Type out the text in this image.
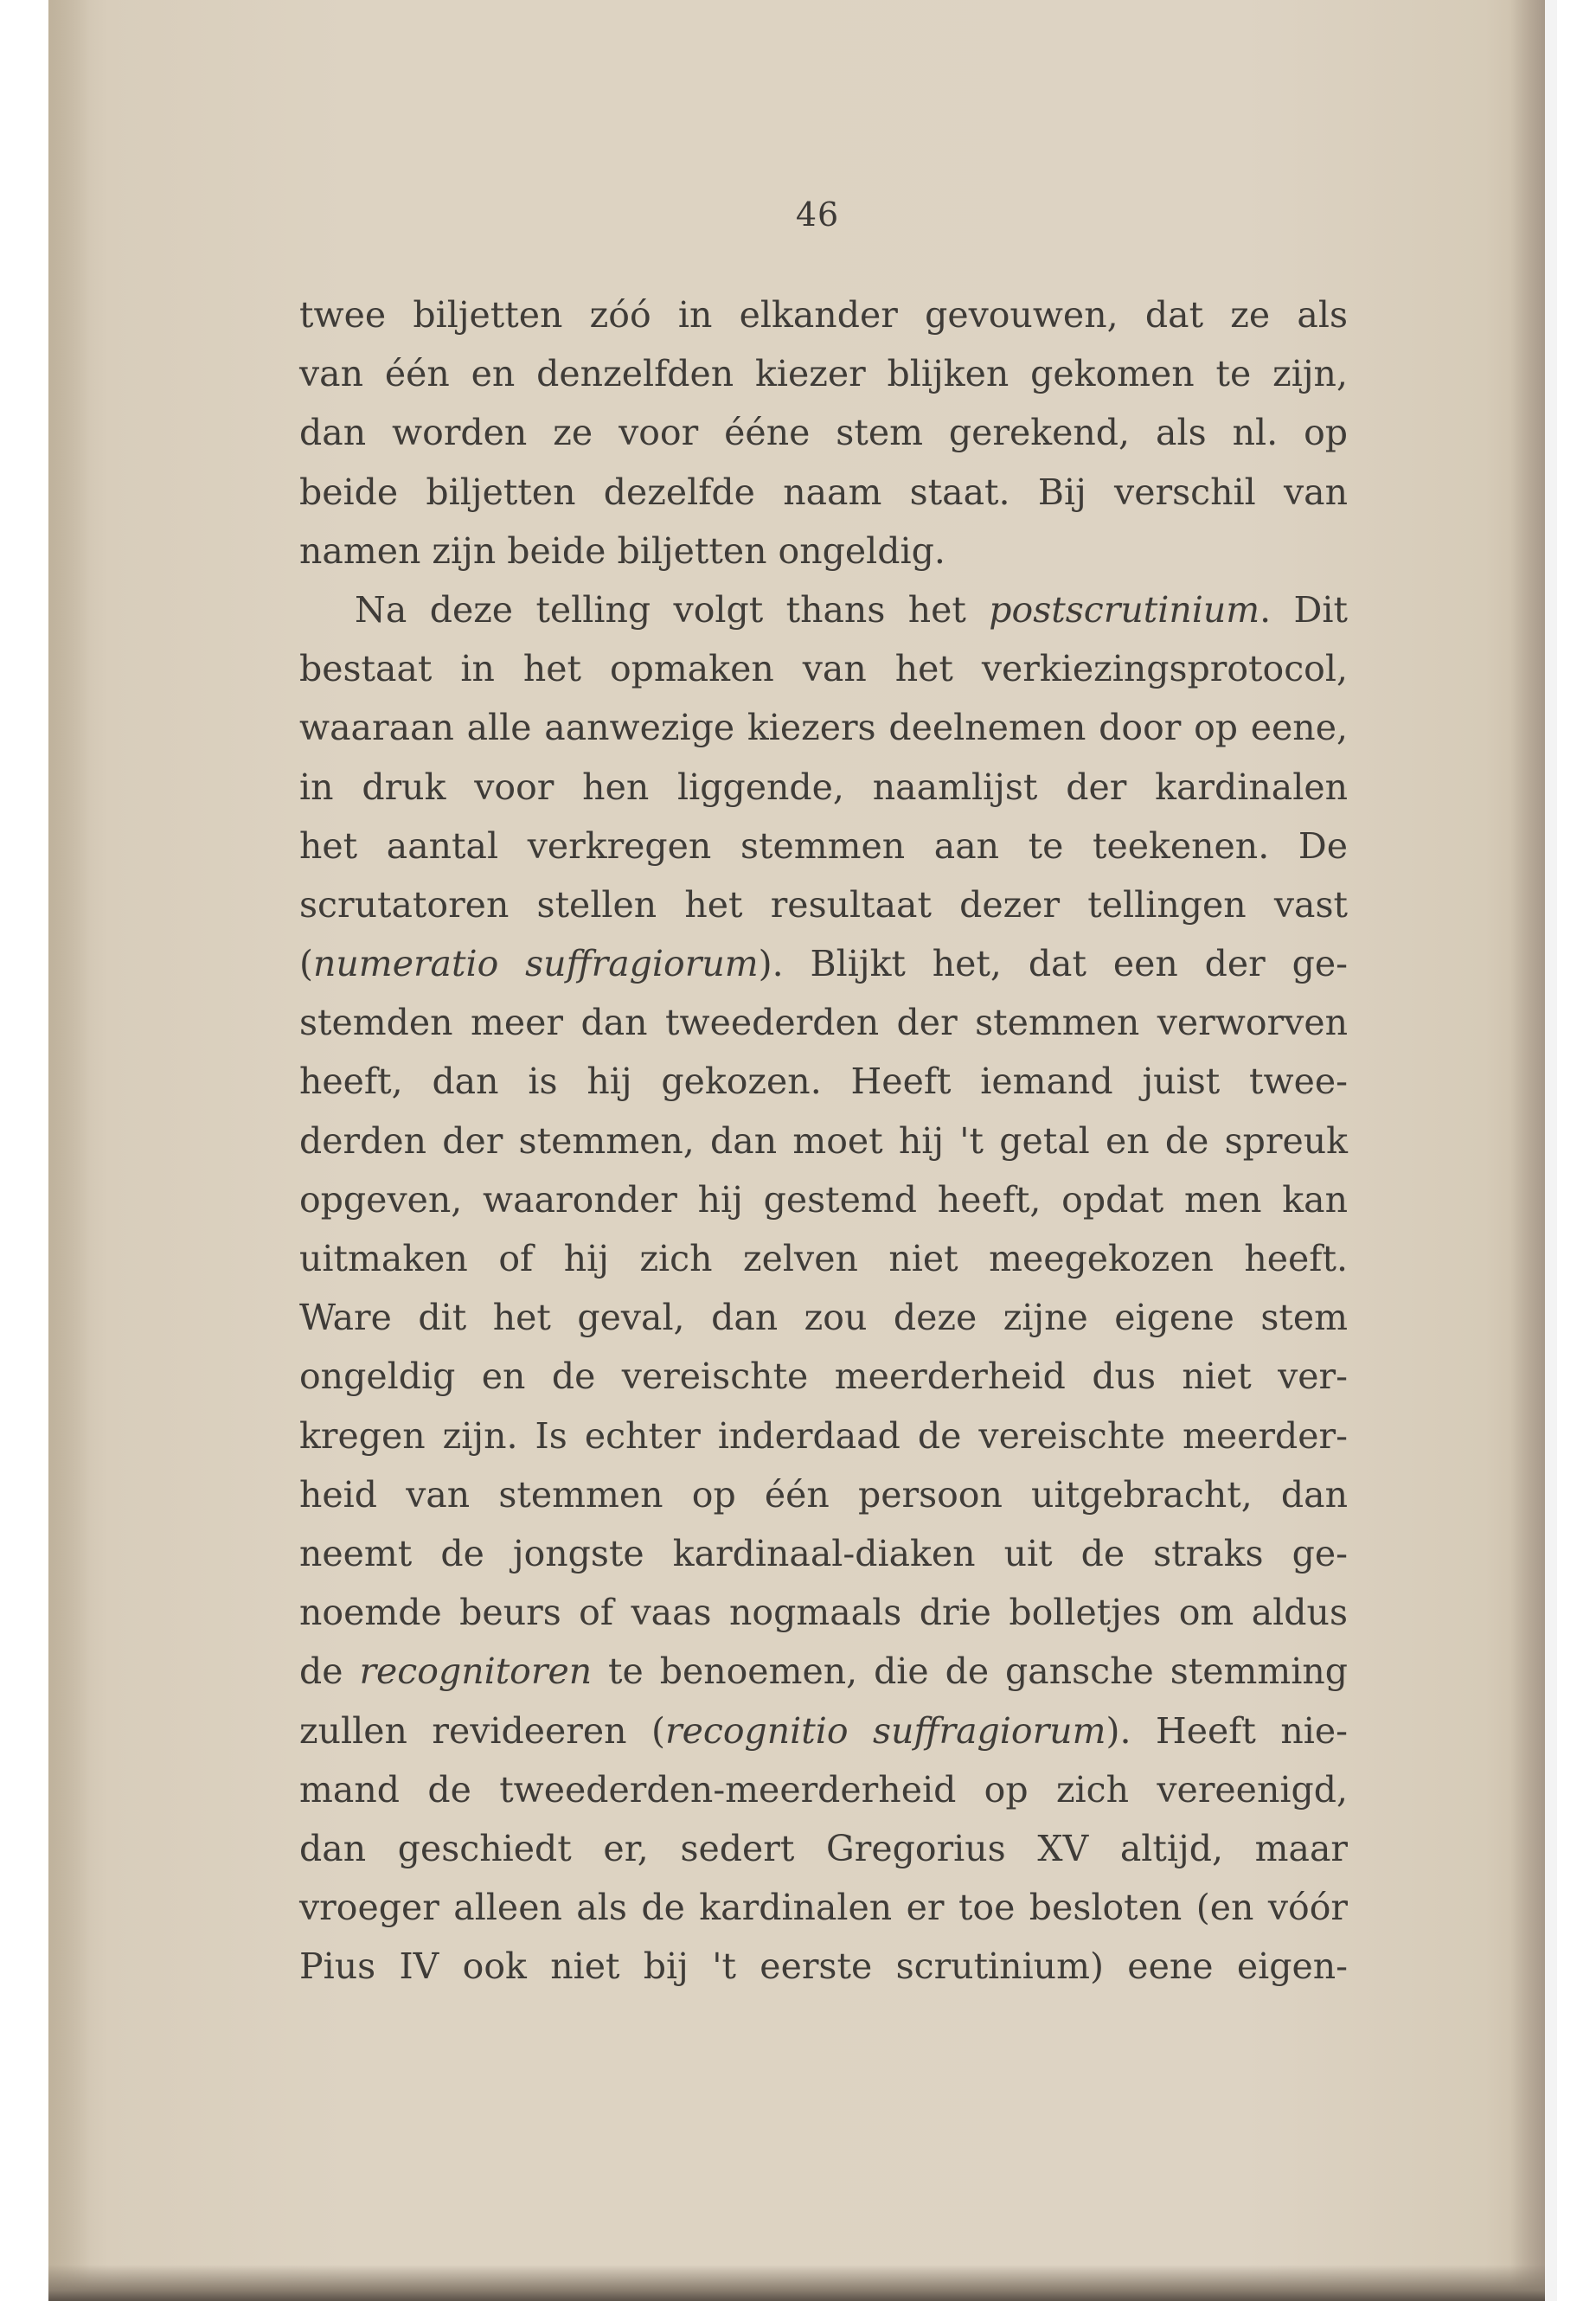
46
twee biljetten zóó in elkander gevouwen, dat ze als
van één en denzelfden kiezer blijken gekomen te zijn,
dan worden ze voor ééne stem gerekend, als nl. op
beide biljetten dezelfde naam staat. Bij verschil van
namen zijn beide biljetten ongeldig.
Na deze telling volgt thans het postscrutinium. Dit
bestaat in het opmaken van het verkiezingsprotocol,
waaraan alle aanwezige kiezers deelnemen door op eene,
in druk voor hen liggende, naamlijst der kardinalen
het aantal verkregen stemmen aan te teekenen. De
scrutatoren stellen het resultaat dezer tellingen vast
(numeratio suffragiorum). Blijkt het, dat een der ge-
stemden meer dan tweederden der stemmen verworven
heeft, dan is hij gekozen. Heeft iemand juist twee-
derden der stemmen, dan moet hij 't getal en de spreuk
opgeven, waaronder hij gestemd heeft, opdat men kan
uitmaken of hij zich zelven niet meegekozen heeft.
Ware dit het geval, dan zou deze zijne eigene stem
ongeldig en de vereischte meerderheid dus niet ver-
kregen zijn. Is echter inderdaad de vereischte meerder-
heid van stemmen op één persoon uitgebracht, dan
neemt de jongste kardinaal-diaken uit de straks ge-
noemde beurs of vaas nogmaals drie bolletjes om aldus
de recognitoren te benoemen, die de gansche stemming
zullen revideeren (recognitio suffragiorum). Heeft nie-
mand de tweederden-meerderheid op zich vereenigd,
dan geschiedt er, sedert Gregorius XV altijd, maar
vroeger alleen als de kardinalen er toe besloten (en vóór
Pius IV ook niet bij 't eerste scrutinium) eene eigen-
